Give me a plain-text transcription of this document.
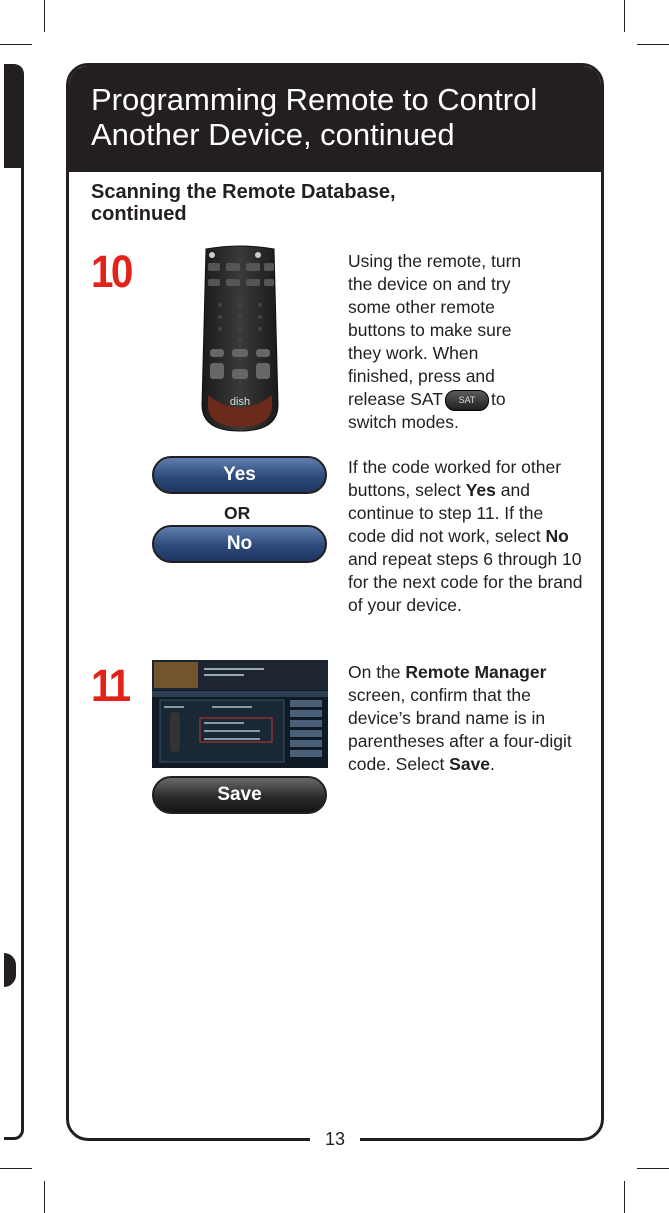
Programming Remote to Control
Another Device, continued
Scanning the Remote Database,
continued
10
dish
Using the remote, turn
the device on and try
some other remote
buttons to make sure
they work. When
finished, press and
release SAT SAT to
switch modes.
Yes
OR
No
If the code worked for other buttons, select Yes and continue to step 11. If the code did not work, select No and repeat steps 6 through 10 for the next code for the brand of your device.
11
Save
On the Remote Manager screen, confirm that the device’s brand name is in parentheses after a four-digit code. Select Save.
13
